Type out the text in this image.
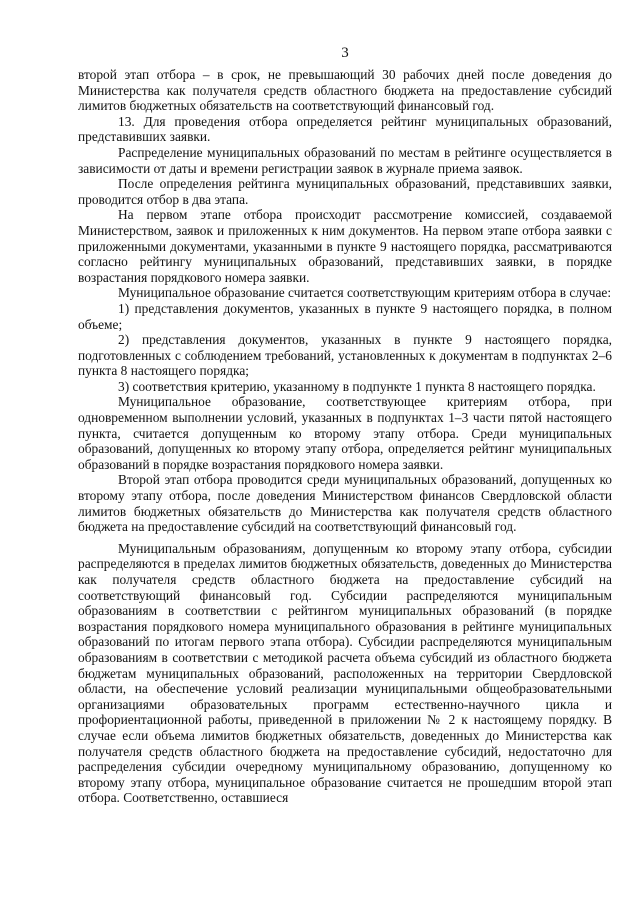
3

второй этап отбора – в срок, не превышающий 30 рабочих дней после доведения до Министерства как получателя средств областного бюджета на предоставление субсидий лимитов бюджетных обязательств на соответствующий финансовый год.

13. Для проведения отбора определяется рейтинг муниципальных образований, представивших заявки.

Распределение муниципальных образований по местам в рейтинге осуществляется в зависимости от даты и времени регистрации заявок в журнале приема заявок.

После определения рейтинга муниципальных образований, представивших заявки, проводится отбор в два этапа.

На первом этапе отбора происходит рассмотрение комиссией, создаваемой Министерством, заявок и приложенных к ним документов. На первом этапе отбора заявки с приложенными документами, указанными в пункте 9 настоящего порядка, рассматриваются согласно рейтингу муниципальных образований, представивших заявки, в порядке возрастания порядкового номера заявки.

Муниципальное образование считается соответствующим критериям отбора в случае:

1) представления документов, указанных в пункте 9 настоящего порядка, в полном объеме;

2) представления документов, указанных в пункте 9 настоящего порядка, подготовленных с соблюдением требований, установленных к документам в подпунктах 2–6 пункта 8 настоящего порядка;

3) соответствия критерию, указанному в подпункте 1 пункта 8 настоящего порядка.

Муниципальное образование, соответствующее критериям отбора, при одновременном выполнении условий, указанных в подпунктах 1–3 части пятой настоящего пункта, считается допущенным ко второму этапу отбора. Среди муниципальных образований, допущенных ко второму этапу отбора, определяется рейтинг муниципальных образований в порядке возрастания порядкового номера заявки.

Второй этап отбора проводится среди муниципальных образований, допущенных ко второму этапу отбора, после доведения Министерством финансов Свердловской области лимитов бюджетных обязательств до Министерства как получателя средств областного бюджета на предоставление субсидий на соответствующий финансовый год.

Муниципальным образованиям, допущенным ко второму этапу отбора, субсидии распределяются в пределах лимитов бюджетных обязательств, доведенных до Министерства как получателя средств областного бюджета на предоставление субсидий на соответствующий финансовый год. Субсидии распределяются муниципальным образованиям в соответствии с рейтингом муниципальных образований (в порядке возрастания порядкового номера муниципального образования в рейтинге муниципальных образований по итогам первого этапа отбора). Субсидии распределяются муниципальным образованиям в соответствии с методикой расчета объема субсидий из областного бюджета бюджетам муниципальных образований, расположенных на территории Свердловской области, на обеспечение условий реализации муниципальными общеобразовательными организациями образовательных программ естественно-научного цикла и профориентационной работы, приведенной в приложении № 2 к настоящему порядку. В случае если объема лимитов бюджетных обязательств, доведенных до Министерства как получателя средств областного бюджета на предоставление субсидий, недостаточно для распределения субсидии очередному муниципальному образованию, допущенному ко второму этапу отбора, муниципальное образование считается не прошедшим второй этап отбора. Соответственно, оставшиеся
